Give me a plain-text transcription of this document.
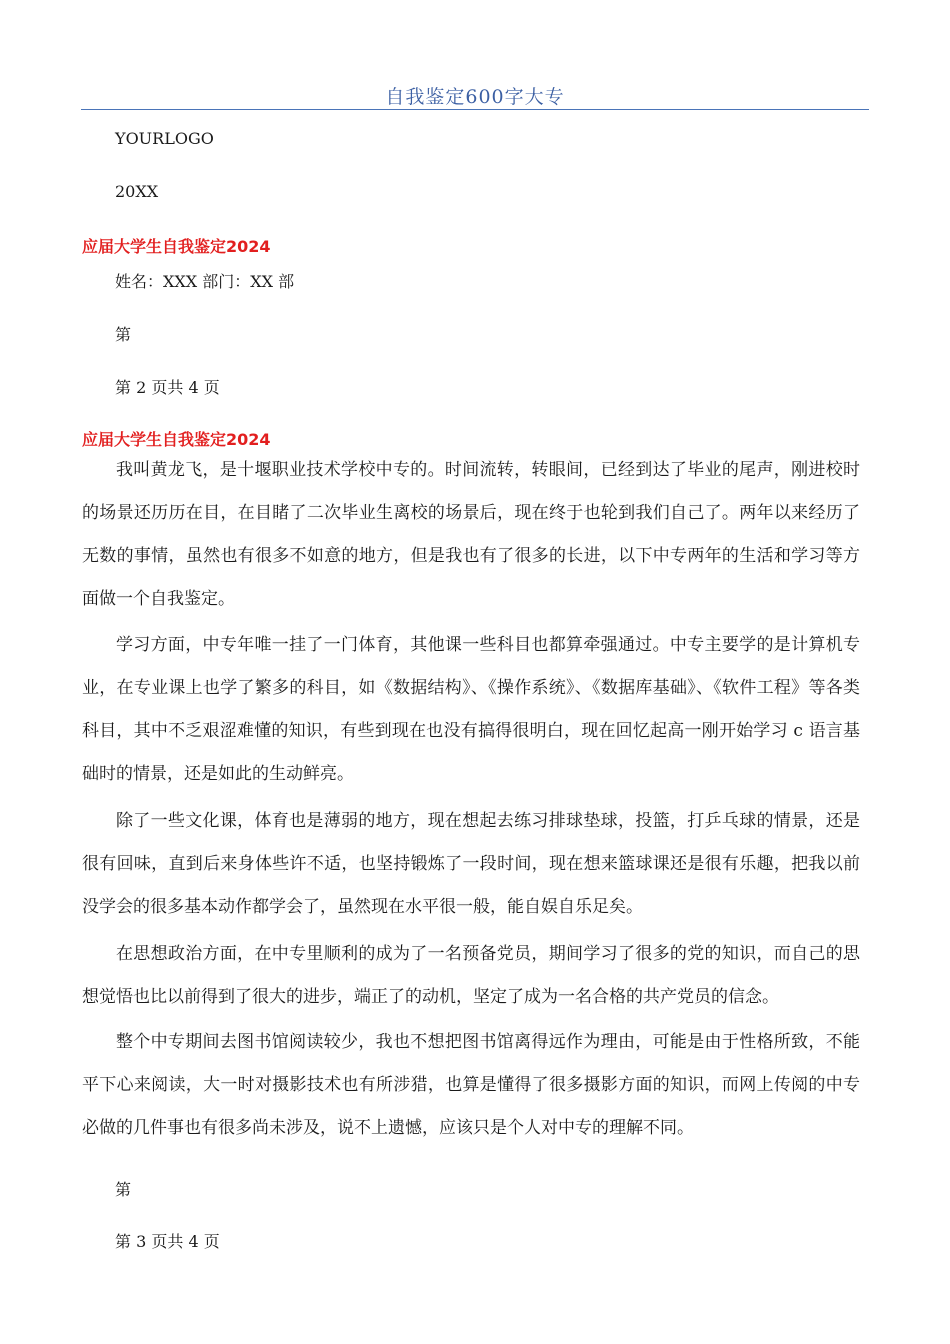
自我鉴定600字大专
YOURLOGO
20XX
应届大学生自我鉴定2024
姓名：XXX 部门：XX 部
第
第 2 页共 4 页
应届大学生自我鉴定2024

我叫黄龙飞，是十堰职业技术学校中专的。时间流转，转眼间，已经到达了毕业的尾声，刚进校时的场景还历历在目，在目睹了二次毕业生离校的场景后，现在终于也轮到我们自己了。两年以来经历了无数的事情，虽然也有很多不如意的地方，但是我也有了很多的长进，以下中专两年的生活和学习等方面做一个自我鉴定。

学习方面，中专年唯一挂了一门体育，其他课一些科目也都算牵强通过。中专主要学的是计算机专业，在专业课上也学了繁多的科目，如《数据结构》、《操作系统》、《数据库基础》、《软件工程》等各类科目，其中不乏艰涩难懂的知识，有些到现在也没有搞得很明白，现在回忆起高一刚开始学习 c 语言基础时的情景，还是如此的生动鲜亮。

除了一些文化课，体育也是薄弱的地方，现在想起去练习排球垫球，投篮，打乒乓球的情景，还是很有回味，直到后来身体些许不适，也坚持锻炼了一段时间，现在想来篮球课还是很有乐趣，把我以前没学会的很多基本动作都学会了，虽然现在水平很一般，能自娱自乐足矣。

在思想政治方面，在中专里顺利的成为了一名预备党员，期间学习了很多的党的知识，而自己的思想觉悟也比以前得到了很大的进步，端正了的动机，坚定了成为一名合格的共产党员的信念。

整个中专期间去图书馆阅读较少，我也不想把图书馆离得远作为理由，可能是由于性格所致，不能平下心来阅读，大一时对摄影技术也有所涉猎，也算是懂得了很多摄影方面的知识，而网上传阅的中专必做的几件事也有很多尚未涉及，说不上遗憾，应该只是个人对中专的理解不同。

第
第 3 页共 4 页
